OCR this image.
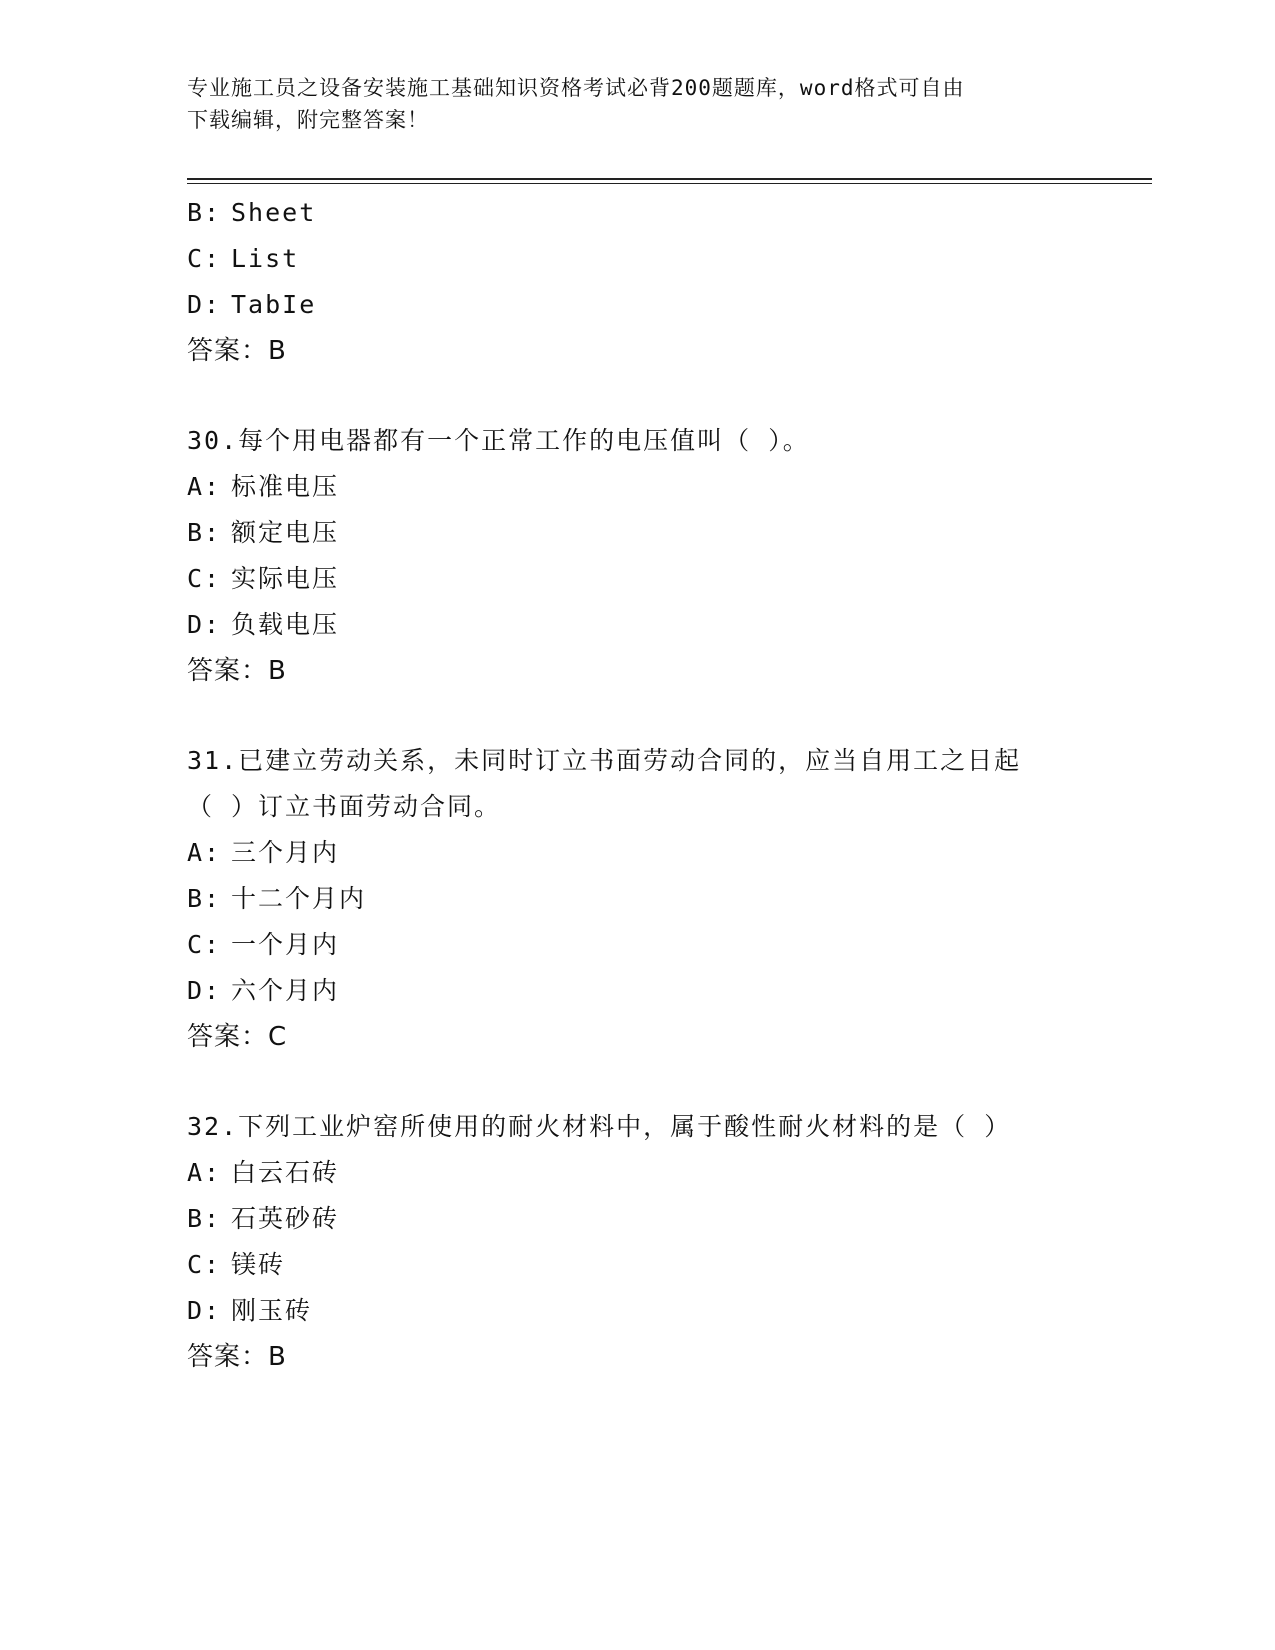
专业施工员之设备安装施工基础知识资格考试必背200题题库，word格式可自由
下载编辑，附完整答案！
B: Sheet
C: List
D: TabIe
答案：B
30.每个用电器都有一个正常工作的电压值叫（ ）。
A: 标准电压
B: 额定电压
C: 实际电压
D: 负载电压
答案：B
31.已建立劳动关系，未同时订立书面劳动合同的，应当自用工之日起
（ ）订立书面劳动合同。
A: 三个月内
B: 十二个月内
C: 一个月内
D: 六个月内
答案：C
32.下列工业炉窑所使用的耐火材料中，属于酸性耐火材料的是（ ）
A: 白云石砖
B: 石英砂砖
C: 镁砖
D: 刚玉砖
答案：B
